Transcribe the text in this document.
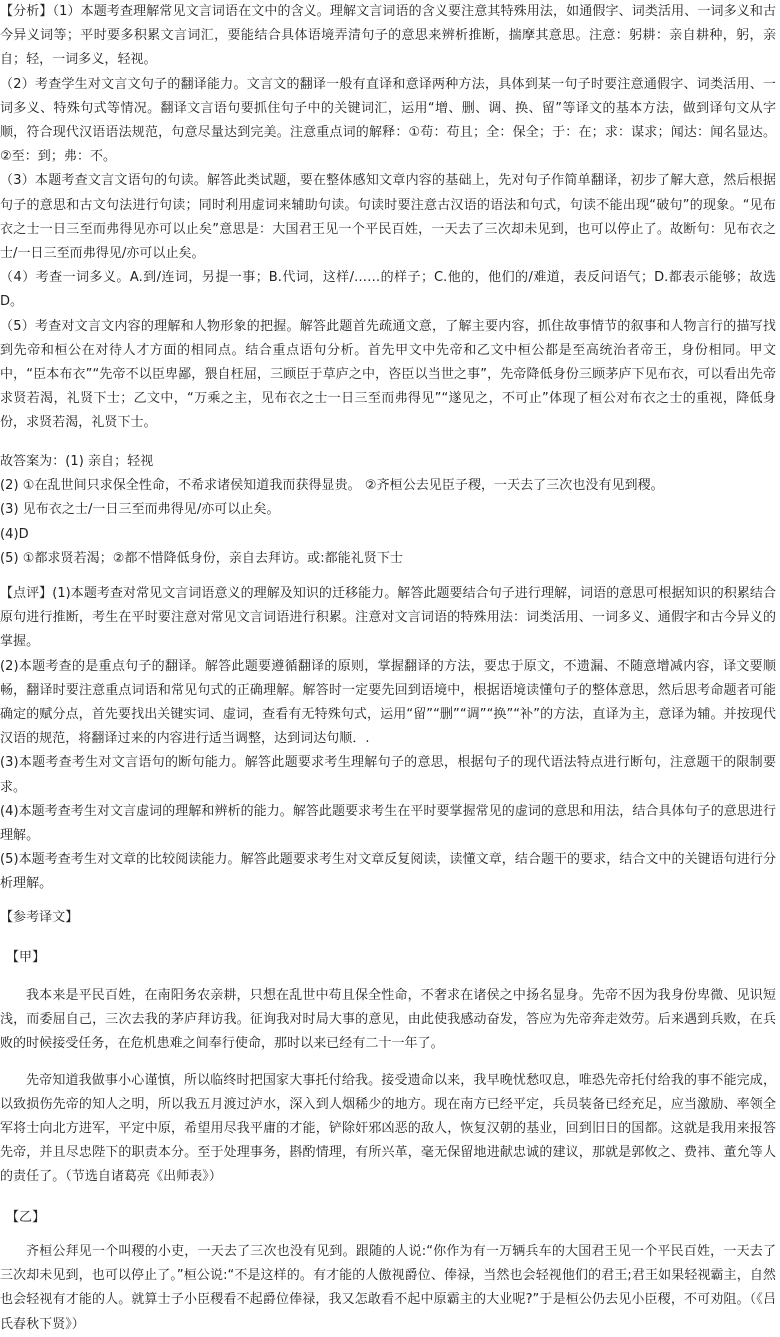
【分析】（1）本题考查理解常见文言词语在文中的含义。理解文言词语的含义要注意其特殊用法，如通假字、词类活用、一词多义和古今异义词等；平时要多积累文言词汇，要能结合具体语境弄清句子的意思来辨析推断，揣摩其意思。注意：躬耕：亲自耕种，躬，亲自；轻，一词多义，轻视。

（2）考查学生对文言文句子的翻译能力。文言文的翻译一般有直译和意译两种方法，具体到某一句子时要注意通假字、词类活用、一词多义、特殊句式等情况。翻译文言语句要抓住句子中的关键词汇，运用“增、删、调、换、留”等译文的基本方法，做到译句文从字顺，符合现代汉语语法规范，句意尽量达到完美。注意重点词的解释：①苟：苟且；全：保全；于：在；求：谋求；闻达：闻名显达。②至：到；弗：不。

（3）本题考查文言文语句的句读。解答此类试题，要在整体感知文章内容的基础上，先对句子作简单翻译，初步了解大意，然后根据句子的意思和古文句法进行句读；同时利用虚词来辅助句读。句读时要注意古汉语的语法和句式，句读不能出现“破句”的现象。“见布衣之士一日三至而弗得见亦可以止矣”意思是：大国君王见一个平民百姓，一天去了三次却未见到，也可以停止了。故断句：见布衣之士/一日三至而弗得见/亦可以止矣。

（4）考查一词多义。A.到/连词，另提一事；B.代词，这样/……的样子；C.他的，他们的/难道，表反问语气；D.都表示能够；故选D。

（5）考查对文言文内容的理解和人物形象的把握。解答此题首先疏通文意，了解主要内容，抓住故事情节的叙事和人物言行的描写找到先帝和桓公在对待人才方面的相同点。结合重点语句分析。首先甲文中先帝和乙文中桓公都是至高统治者帝王，身份相同。甲文中，“臣本布衣”“先帝不以臣卑鄙，猥自枉屈，三顾臣于草庐之中，咨臣以当世之事”，先帝降低身份三顾茅庐下见布衣，可以看出先帝求贤若渴，礼贤下士；乙文中，“万乘之主，见布衣之士一日三至而弗得见”“遂见之，不可止”体现了桓公对布衣之士的重视，降低身份，求贤若渴，礼贤下士。

故答案为：(1) 亲自；轻视

(2) ①在乱世间只求保全性命，不希求诸侯知道我而获得显贵。 ②齐桓公去见臣子稷，一天去了三次也没有见到稷。

(3) 见布衣之士/一日三至而弗得见/亦可以止矣。

(4)D

(5) ①都求贤若渴；②都不惜降低身份，亲自去拜访。或:都能礼贤下士

【点评】(1)本题考查对常见文言词语意义的理解及知识的迁移能力。解答此题要结合句子进行理解，词语的意思可根据知识的积累结合原句进行推断，考生在平时要注意对常见文言词语进行积累。注意对文言词语的特殊用法：词类活用、一词多义、通假字和古今异义的掌握。

(2)本题考查的是重点句子的翻译。解答此题要遵循翻译的原则，掌握翻译的方法，要忠于原文，不遗漏、不随意增减内容，译文要顺畅，翻译时要注意重点词语和常见句式的正确理解。解答时一定要先回到语境中，根据语境读懂句子的整体意思，然后思考命题者可能确定的赋分点，首先要找出关键实词、虚词，查看有无特殊句式，运用“留”“删”“调”“换”“补”的方法，直译为主，意译为辅。并按现代汉语的规范，将翻译过来的内容进行适当调整，达到词达句顺．.

(3)本题考查考生对文言语句的断句能力。解答此题要求考生理解句子的意思，根据句子的现代语法特点进行断句，注意题干的限制要求。

(4)本题考查考生对文言虚词的理解和辨析的能力。解答此题要求考生在平时要掌握常见的虚词的意思和用法，结合具体句子的意思进行理解。

(5)本题考查考生对文章的比较阅读能力。解答此题要求考生对文章反复阅读，读懂文章，结合题干的要求，结合文中的关键语句进行分析理解。

【参考译文】

【甲】

我本来是平民百姓，在南阳务农亲耕，只想在乱世中苟且保全性命，不奢求在诸侯之中扬名显身。先帝不因为我身份卑微、见识短浅，而委屈自己，三次去我的茅庐拜访我。征询我对时局大事的意见，由此使我感动奋发，答应为先帝奔走效劳。后来遇到兵败，在兵败的时候接受任务，在危机患难之间奉行使命，那时以来已经有二十一年了。

先帝知道我做事小心谨慎，所以临终时把国家大事托付给我。接受遗命以来，我早晚忧愁叹息，唯恐先帝托付给我的事不能完成，以致损伤先帝的知人之明，所以我五月渡过泸水，深入到人烟稀少的地方。现在南方已经平定，兵员装备已经充足，应当激励、率领全军将士向北方进军，平定中原，希望用尽我平庸的才能，铲除奸邪凶恶的敌人，恢复汉朝的基业，回到旧日的国都。这就是我用来报答先帝，并且尽忠陛下的职责本分。至于处理事务，斟酌情理，有所兴革，毫无保留地进献忠诚的建议，那就是郭攸之、费祎、董允等人的责任了。（节选自诸葛亮《出师表》）

【乙】

齐桓公拜见一个叫稷的小吏，一天去了三次也没有见到。跟随的人说:“你作为有一万辆兵车的大国君王见一个平民百姓，一天去了三次却未见到，也可以停止了。”桓公说:“不是这样的。有才能的人傲视爵位、俸禄，当然也会轻视他们的君王;君王如果轻视霸主，自然也会轻视有才能的人。就算士子小臣稷看不起爵位俸禄，我又怎敢看不起中原霸主的大业呢?”于是桓公仍去见小臣稷，不可劝阻。（《吕氏春秋下贤》）
